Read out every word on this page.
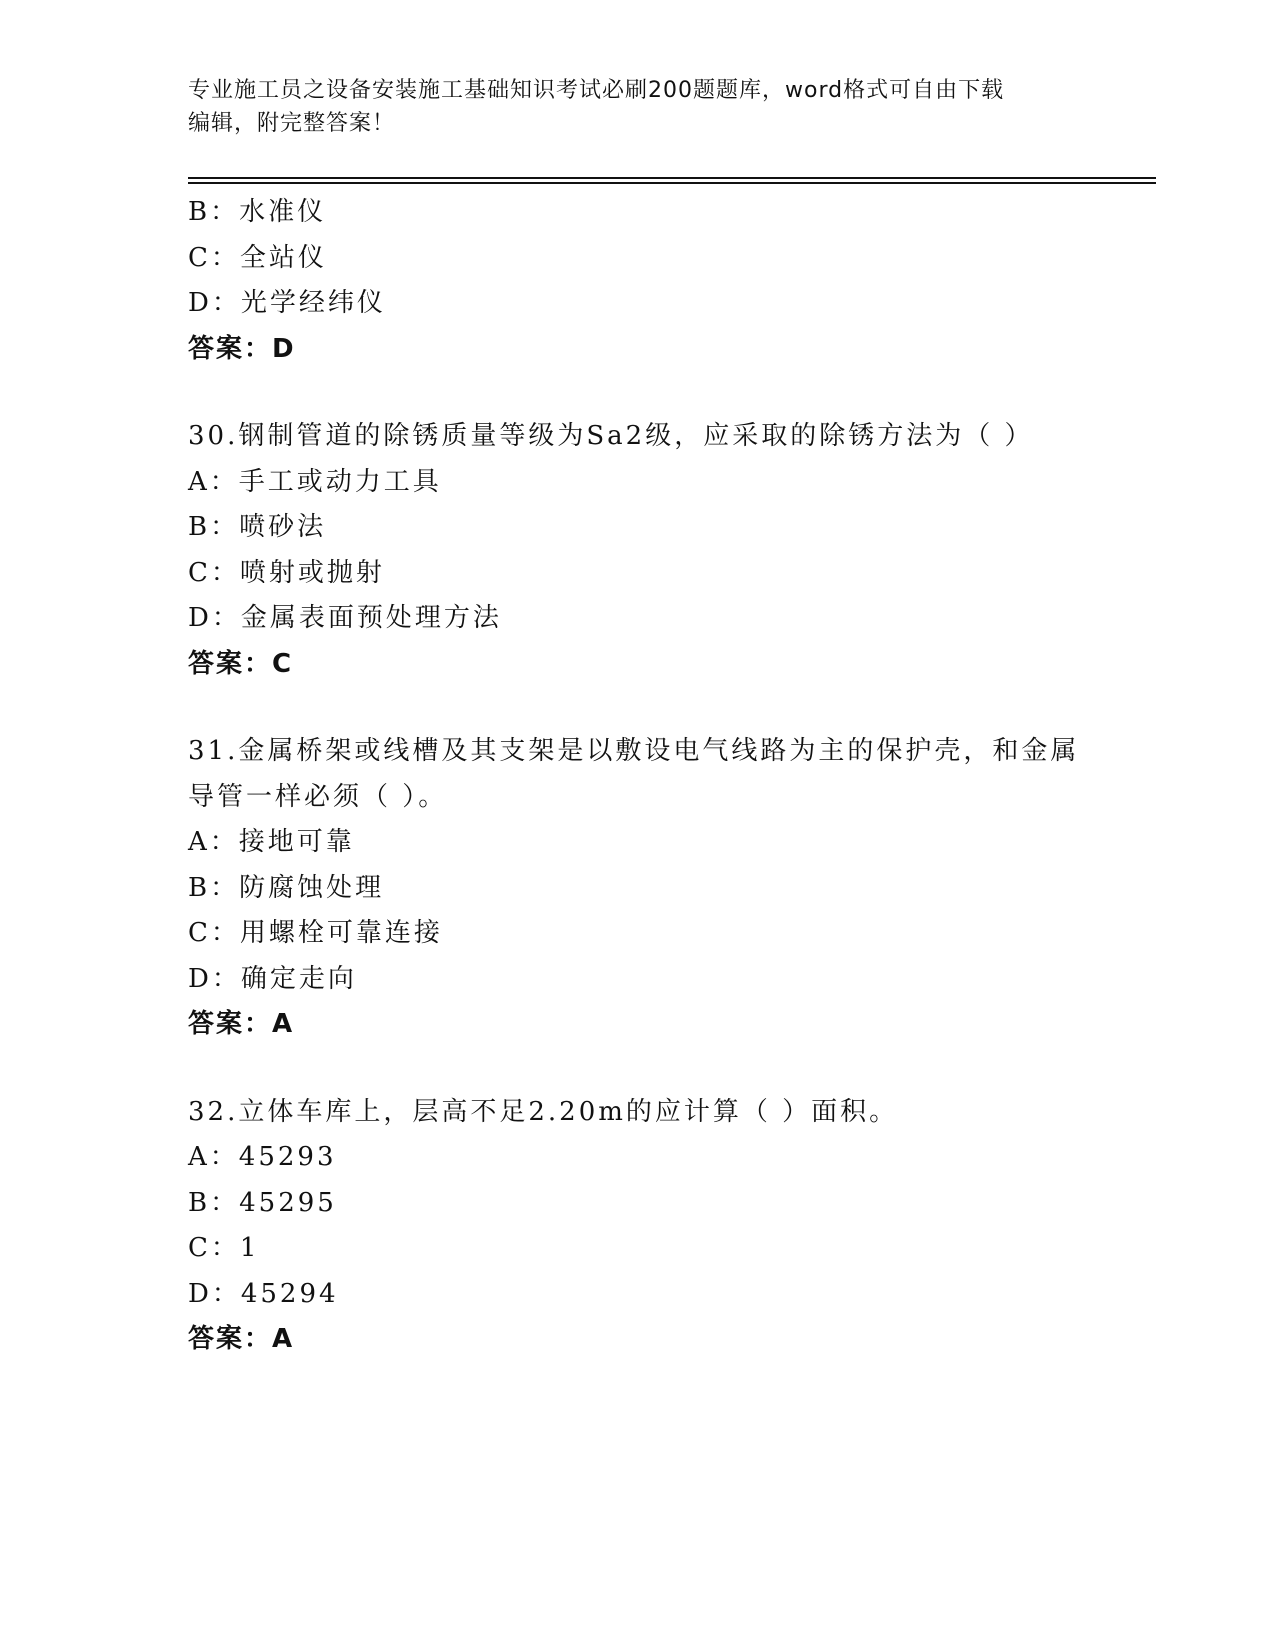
专业施工员之设备安装施工基础知识考试必刷200题题库，word格式可自由下载
编辑，附完整答案！
B：水准仪
C：全站仪
D：光学经纬仪
答案：D
30.钢制管道的除锈质量等级为Sa2级，应采取的除锈方法为（ ）
A：手工或动力工具
B：喷砂法
C：喷射或抛射
D：金属表面预处理方法
答案：C
31.金属桥架或线槽及其支架是以敷设电气线路为主的保护壳，和金属
导管一样必须（ ）。
A：接地可靠
B：防腐蚀处理
C：用螺栓可靠连接
D：确定走向
答案：A
32.立体车库上，层高不足2.20m的应计算（ ）面积。
A：45293
B：45295
C：1
D：45294
答案：A
